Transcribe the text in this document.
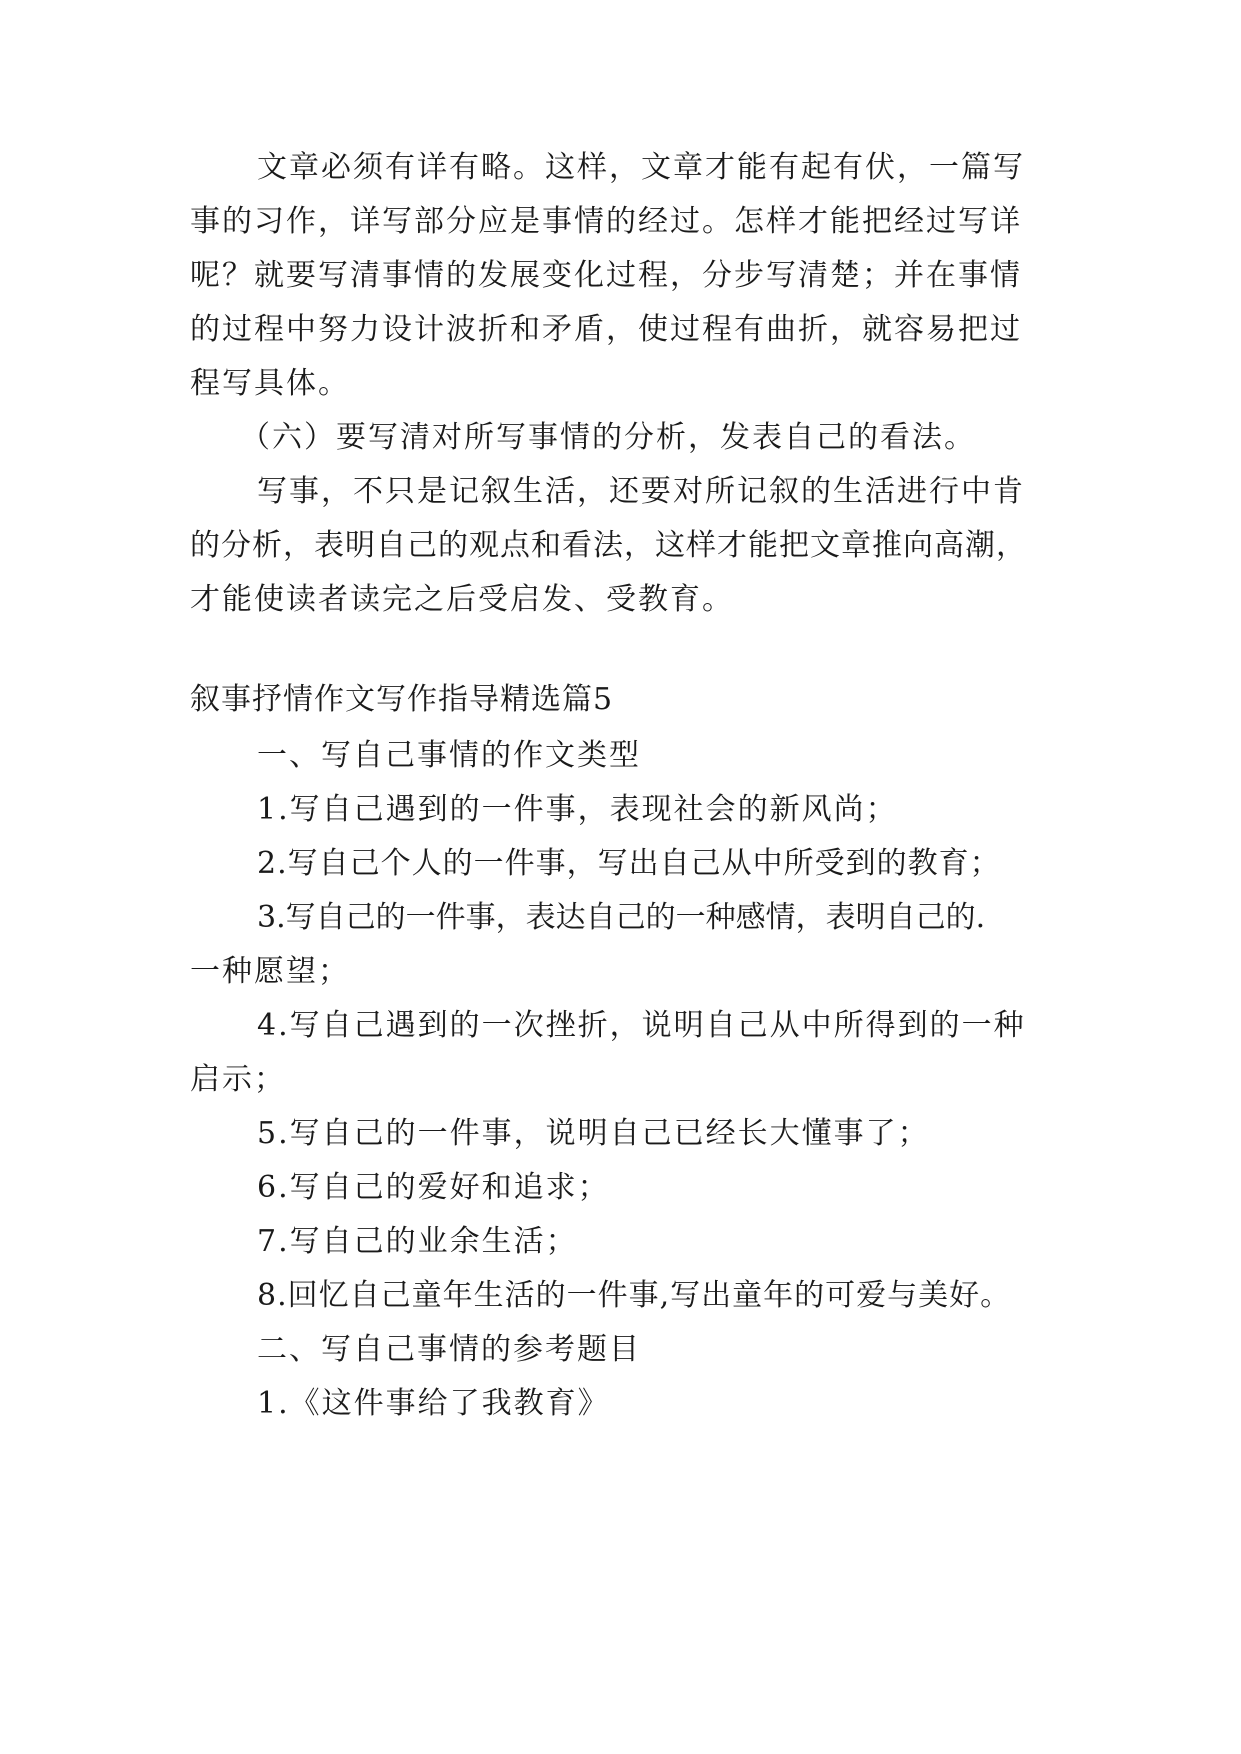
文章必须有详有略。这样，文章才能有起有伏，一篇写
事的习作，详写部分应是事情的经过。怎样才能把经过写详
呢？就要写清事情的发展变化过程，分步写清楚；并在事情
的过程中努力设计波折和矛盾，使过程有曲折，就容易把过
程写具体。
（六）要写清对所写事情的分析，发表自己的看法。
写事，不只是记叙生活，还要对所记叙的生活进行中肯
的分析，表明自己的观点和看法，这样才能把文章推向高潮，
才能使读者读完之后受启发、受教育。
叙事抒情作文写作指导精选篇5
一、写自己事情的作文类型
1.写自己遇到的一件事，表现社会的新风尚；
2.写自己个人的一件事，写出自己从中所受到的教育；
3.写自己的一件事，表达自己的一种感情，表明自己的.
一种愿望；
4.写自己遇到的一次挫折，说明自己从中所得到的一种
启示；
5.写自己的一件事，说明自己已经长大懂事了；
6.写自己的爱好和追求；
7.写自己的业余生活；
8.回忆自己童年生活的一件事,写出童年的可爱与美好。
二、写自己事情的参考题目
1.《这件事给了我教育》
